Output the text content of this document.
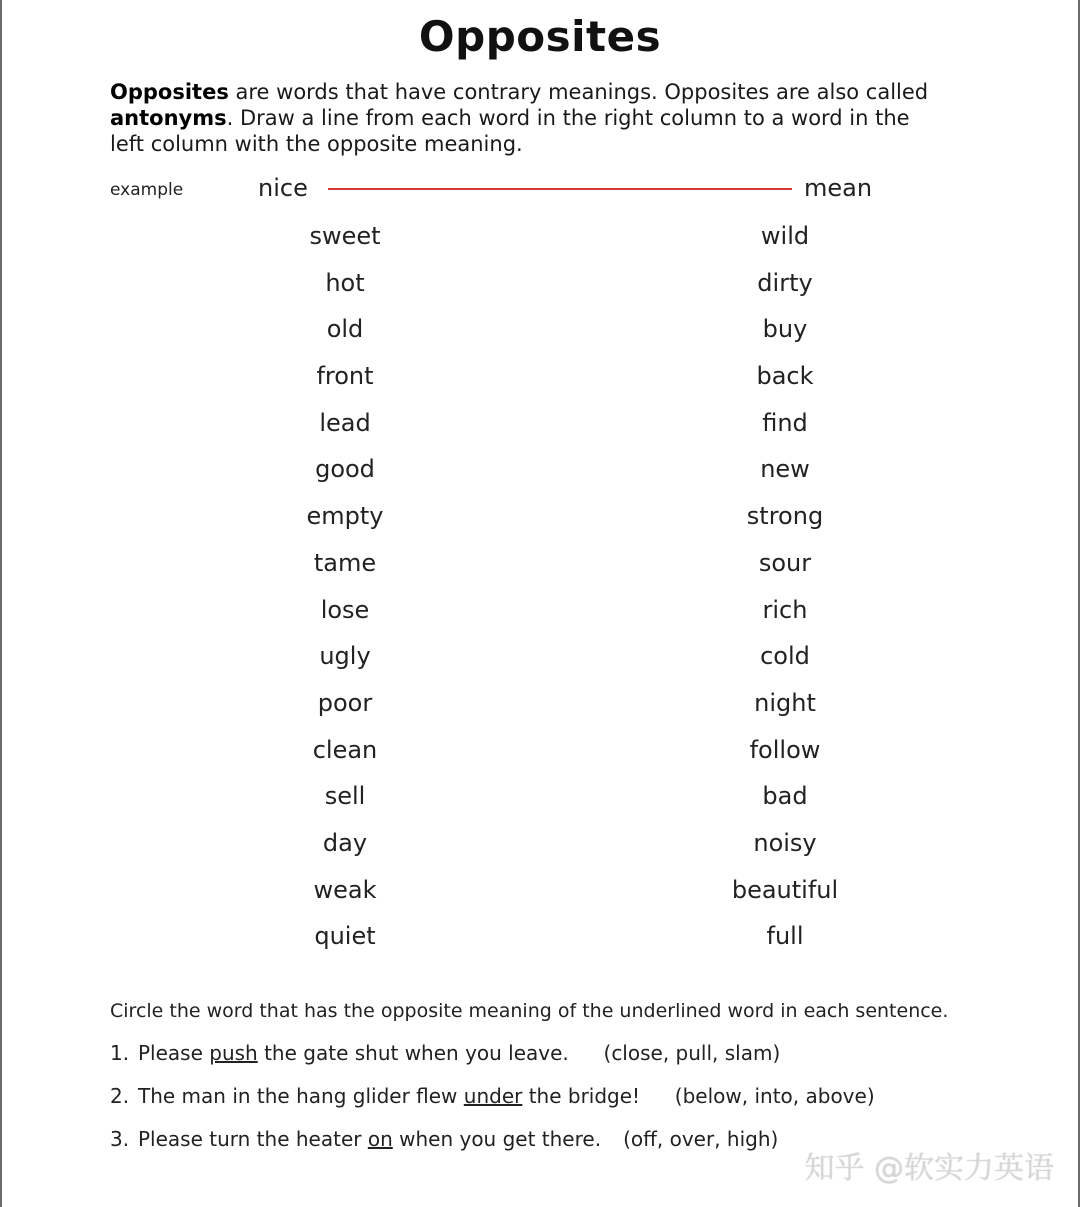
Opposites
Opposites are words that have contrary meanings. Opposites are also called antonyms. Draw a line from each word in the right column to a word in the left column with the opposite meaning.
example	nice	mean
sweet
hot
old
front
lead
good
empty
tame
lose
ugly
poor
clean
sell
day
weak
quiet
wild
dirty
buy
back
find
new
strong
sour
rich
cold
night
follow
bad
noisy
beautiful
full
Circle the word that has the opposite meaning of the underlined word in each sentence.
1. Please push the gate shut when you leave.  (close, pull, slam)
2. The man in the hang glider flew under the bridge!  (below, into, above)
3. Please turn the heater on when you get there. (off, over, high)
知乎 @软实力英语
